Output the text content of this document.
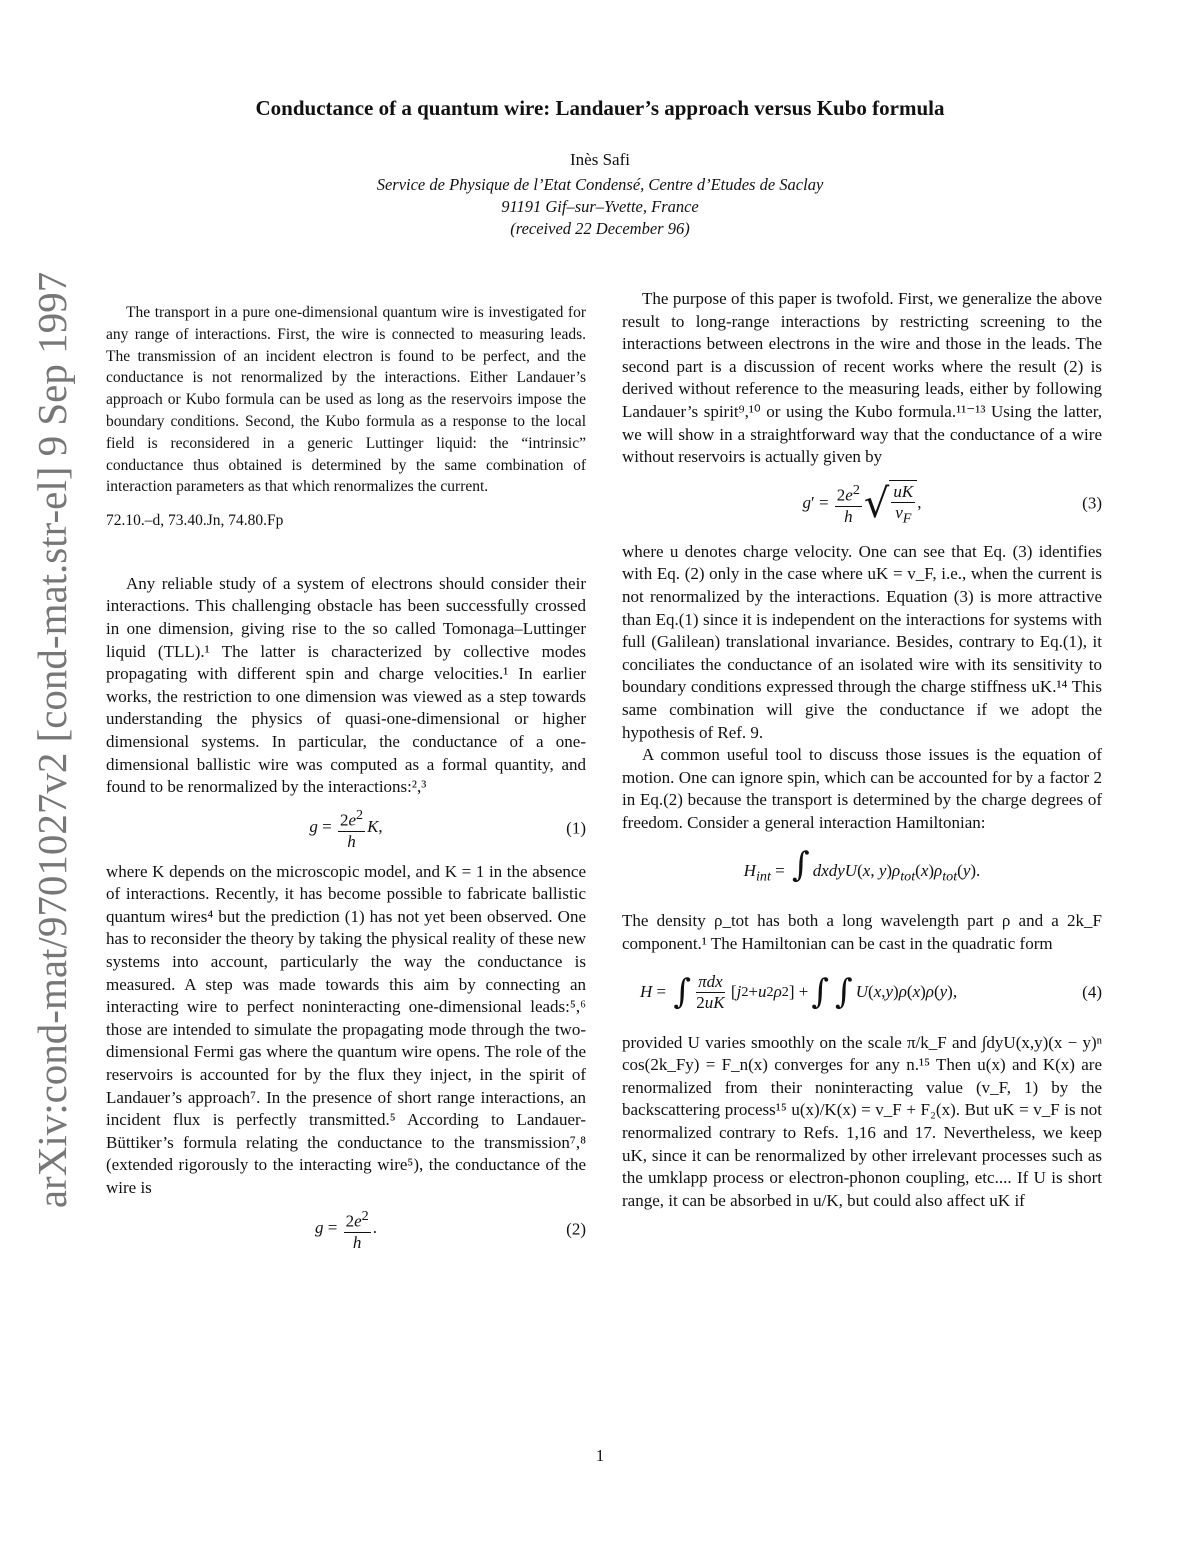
arXiv:cond-mat/9701027v2 [cond-mat.str-el] 9 Sep 1997
Conductance of a quantum wire: Landauer’s approach versus Kubo formula
Inès Safi
Service de Physique de l’Etat Condensé, Centre d’Etudes de Saclay
91191 Gif–sur–Yvette, France
(received 22 December 96)

The transport in a pure one-dimensional quantum wire is investigated for any range of interactions. First, the wire is connected to measuring leads. The transmission of an incident electron is found to be perfect, and the conductance is not renormalized by the interactions. Either Landauer’s approach or Kubo formula can be used as long as the reservoirs impose the boundary conditions. Second, the Kubo formula as a response to the local field is reconsidered in a generic Luttinger liquid: the “intrinsic” conductance thus obtained is determined by the same combination of interaction parameters as that which renormalizes the current.

72.10.–d, 73.40.Jn, 74.80.Fp

Any reliable study of a system of electrons should consider their interactions. This challenging obstacle has been successfully crossed in one dimension, giving rise to the so called Tomonaga–Luttinger liquid (TLL).¹ The latter is characterized by collective modes propagating with different spin and charge velocities.¹ In earlier works, the restriction to one dimension was viewed as a step towards understanding the physics of quasi-one-dimensional or higher dimensional systems. In particular, the conductance of a one-dimensional ballistic wire was computed as a formal quantity, and found to be renormalized by the interactions:²,³

$g = \frac{2e^2}{h} K$,	(1)

where K depends on the microscopic model, and K = 1 in the absence of interactions. Recently, it has become possible to fabricate ballistic quantum wires⁴ but the prediction (1) has not yet been observed. One has to reconsider the theory by taking the physical reality of these new systems into account, particularly the way the conductance is measured. A step was made towards this aim by connecting an interacting wire to perfect noninteracting one-dimensional leads:⁵,⁶ those are intended to simulate the propagating mode through the two-dimensional Fermi gas where the quantum wire opens. The role of the reservoirs is accounted for by the flux they inject, in the spirit of Landauer’s approach⁷. In the presence of short range interactions, an incident flux is perfectly transmitted.⁵ According to Landauer-Büttiker’s formula relating the conductance to the transmission⁷,⁸ (extended rigorously to the interacting wire⁵), the conductance of the wire is

$g = \frac{2e^2}{h}$ .	(2)

The purpose of this paper is twofold. First, we generalize the above result to long-range interactions by restricting screening to the interactions between electrons in the wire and those in the leads. The second part is a discussion of recent works where the result (2) is derived without reference to the measuring leads, either by following Landauer’s spirit⁹,¹⁰ or using the Kubo formula.¹¹⁻¹³ Using the latter, we will show in a straightforward way that the conductance of a wire without reservoirs is actually given by

g ′ = $\frac{2e^2}{h}$ √ $\frac{uK}{v_F}$ ,	(3)

where u denotes charge velocity. One can see that Eq. (3) identifies with Eq. (2) only in the case where uK = v_F, i.e., when the current is not renormalized by the interactions. Equation (3) is more attractive than Eq.(1) since it is independent on the interactions for systems with full (Galilean) translational invariance. Besides, contrary to Eq.(1), it conciliates the conductance of an isolated wire with its sensitivity to boundary conditions expressed through the charge stiffness uK.¹⁴ This same combination will give the conductance if we adopt the hypothesis of Ref. 9.

A common useful tool to discuss those issues is the equation of motion. One can ignore spin, which can be accounted for by a factor 2 in Eq.(2) because the transport is determined by the charge degrees of freedom. Consider a general interaction Hamiltonian:

$H_{int}$ = ∫ dxdyU(x, $y)\rho_{tot}(x)\rho_{tot}(y)$.

The density ρ_tot has both a long wavelength part ρ and a 2k_F component.¹ The Hamiltonian can be cast in the quadratic form

H = ∫ $\frac{\text{πdx}}{2uK}$ [ j 2 + u 2 ρ 2 ] + ∫ ∫ U ( x , y ) ρ ( x ) ρ ( y ),	(4)

provided U varies smoothly on the scale π/k_F and ∫dyU(x,y)(x − y)ⁿ cos(2k_Fy) = F_n(x) converges for any n.¹⁵ Then u(x) and K(x) are renormalized from their noninteracting value (v_F, 1) by the backscattering process¹⁵ u(x)/K(x) = v_F + F₂(x). But uK = v_F is not renormalized contrary to Refs. 1,16 and 17. Nevertheless, we keep uK, since it can be renormalized by other irrelevant processes such as the umklapp process or electron-phonon coupling, etc.... If U is short range, it can be absorbed in u/K, but could also affect uK if

1
